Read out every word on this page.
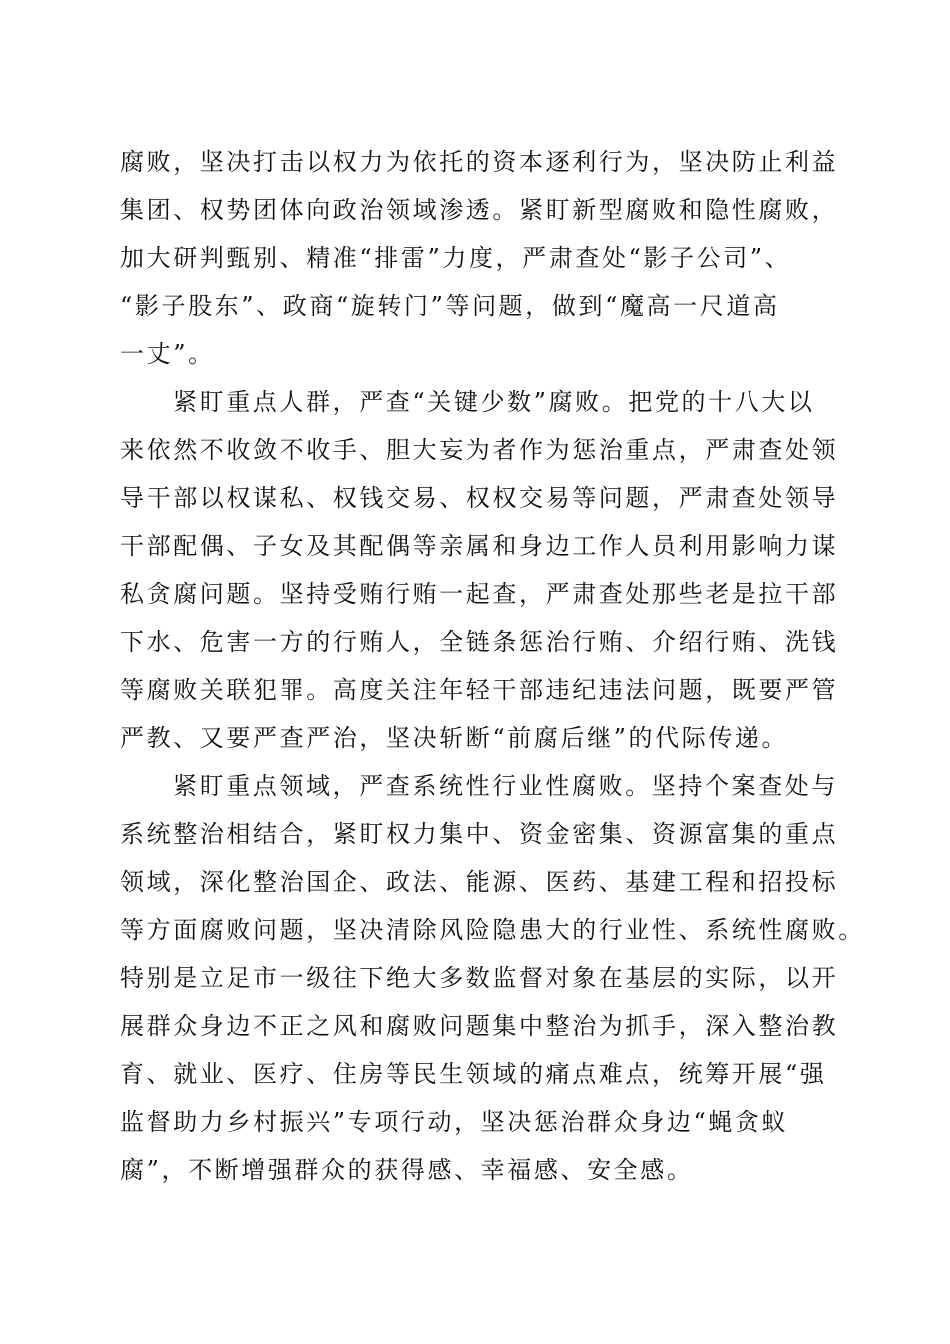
腐败，坚决打击以权力为依托的资本逐利行为，坚决防止利益
集团、权势团体向政治领域渗透。紧盯新型腐败和隐性腐败，
加大研判甄别、精准“排雷”力度，严肃查处“影子公司”、
“影子股东”、政商“旋转门”等问题，做到“魔高一尺道高
一丈”。
紧盯重点人群，严查“关键少数”腐败。把党的十八大以
来依然不收敛不收手、胆大妄为者作为惩治重点，严肃查处领
导干部以权谋私、权钱交易、权权交易等问题，严肃查处领导
干部配偶、子女及其配偶等亲属和身边工作人员利用影响力谋
私贪腐问题。坚持受贿行贿一起查，严肃查处那些老是拉干部
下水、危害一方的行贿人，全链条惩治行贿、介绍行贿、洗钱
等腐败关联犯罪。高度关注年轻干部违纪违法问题，既要严管
严教、又要严查严治，坚决斩断“前腐后继”的代际传递。
紧盯重点领域，严查系统性行业性腐败。坚持个案查处与
系统整治相结合，紧盯权力集中、资金密集、资源富集的重点
领域，深化整治国企、政法、能源、医药、基建工程和招投标
等方面腐败问题，坚决清除风险隐患大的行业性、系统性腐败。
特别是立足市一级往下绝大多数监督对象在基层的实际，以开
展群众身边不正之风和腐败问题集中整治为抓手，深入整治教
育、就业、医疗、住房等民生领域的痛点难点，统筹开展“强
监督助力乡村振兴”专项行动，坚决惩治群众身边“蝇贪蚁
腐”，不断增强群众的获得感、幸福感、安全感。
